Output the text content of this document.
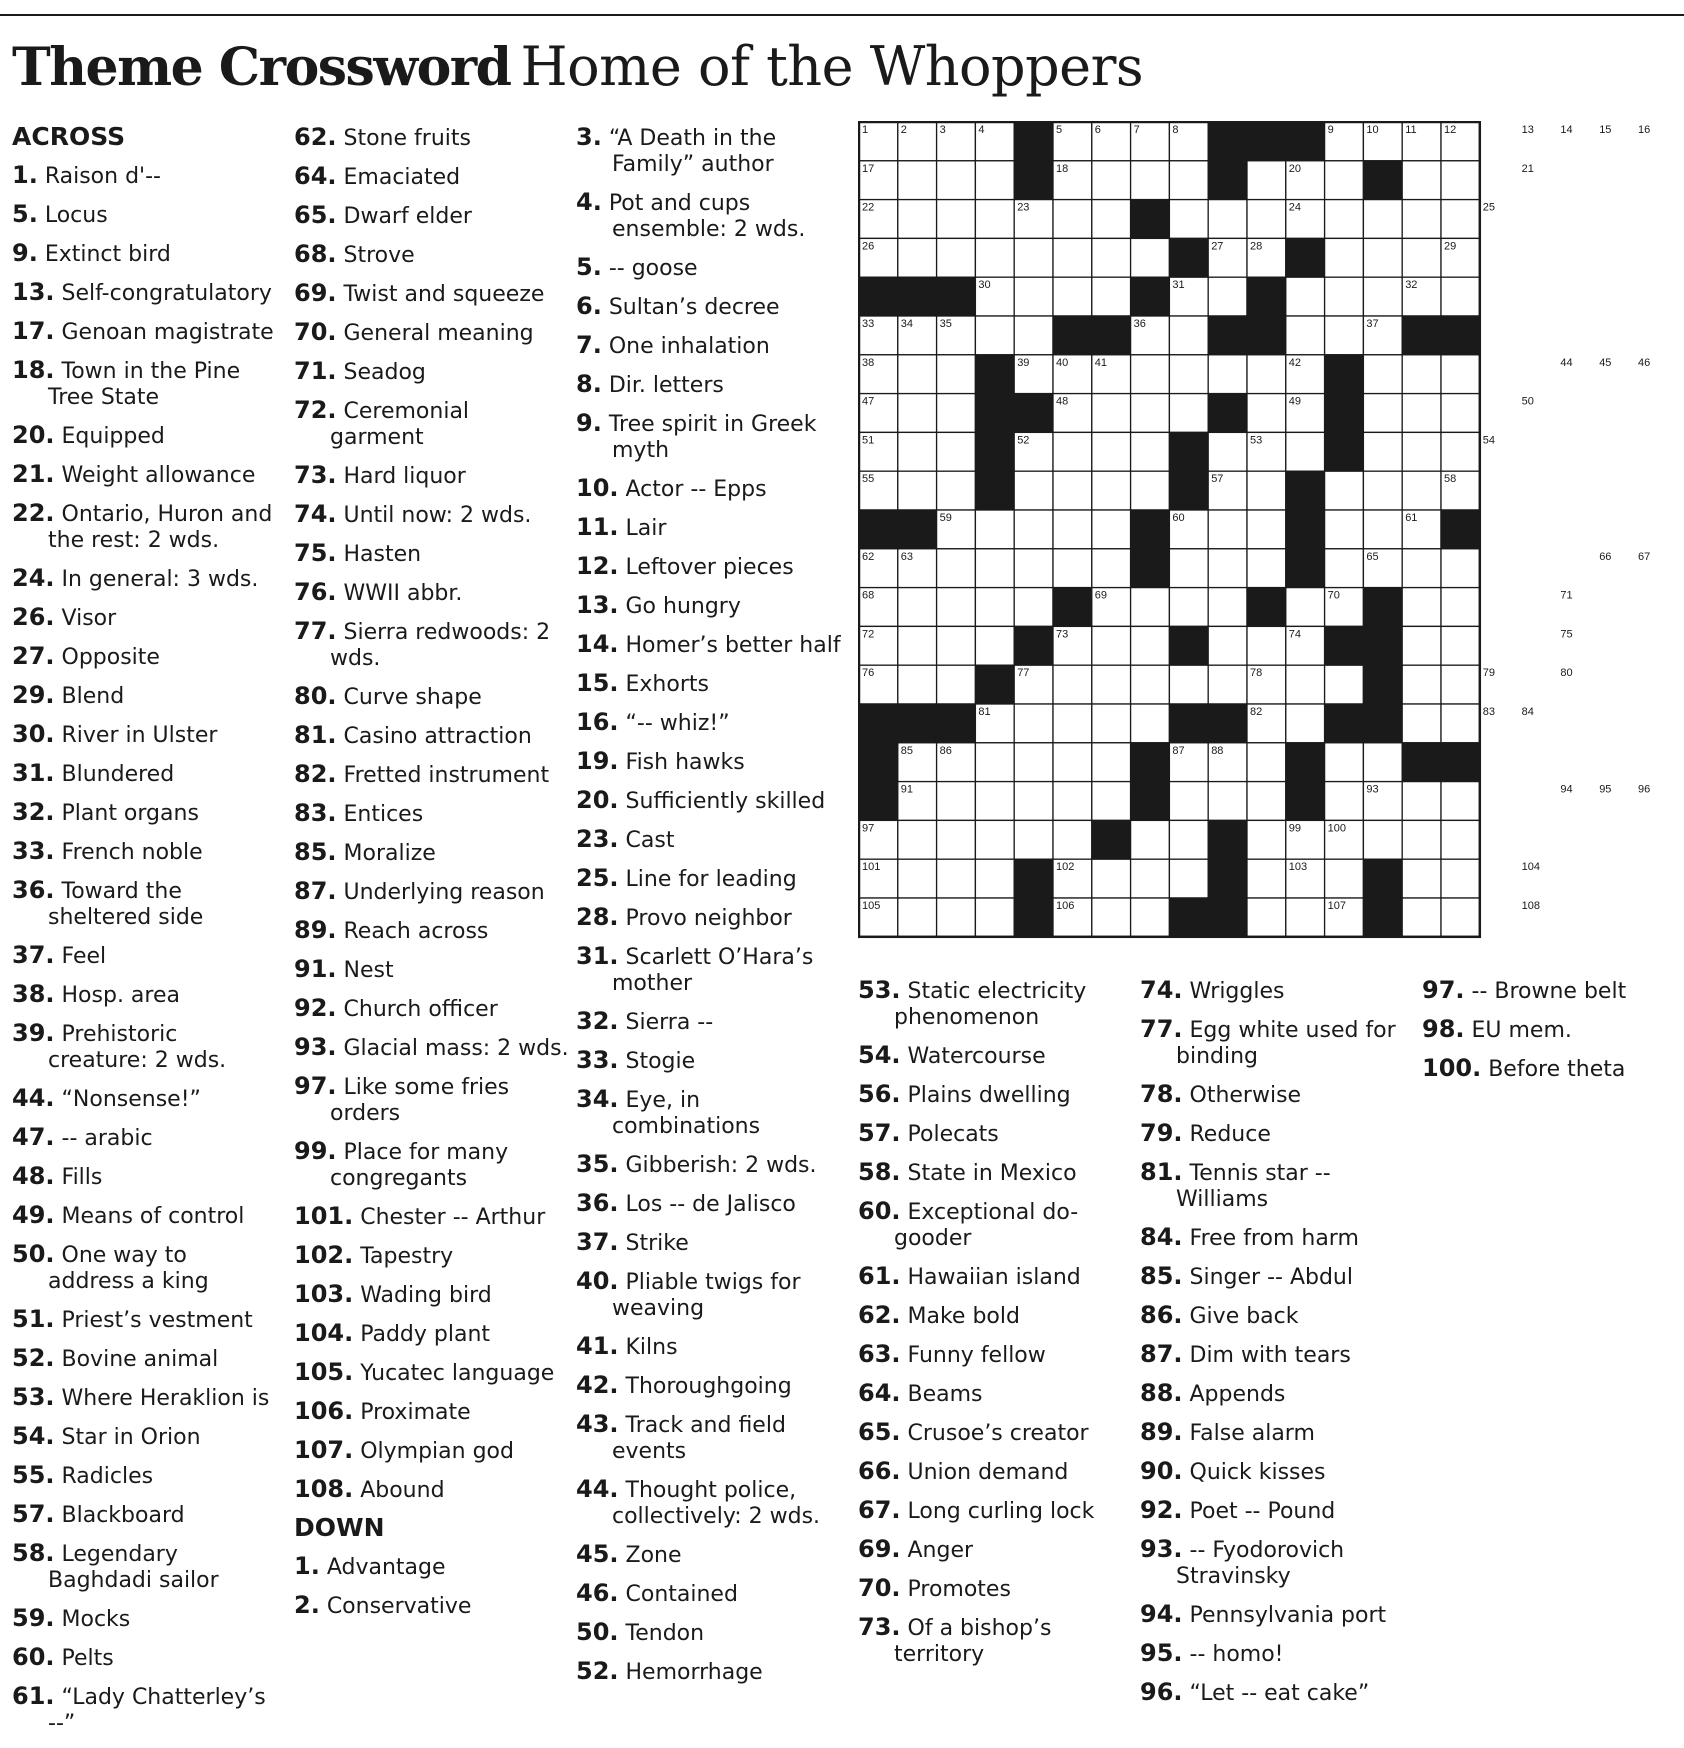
Theme Crossword Home of the Whoppers
ACROSS
1. Raison d'--
5. Locus
9. Extinct bird
13. Self-congratulatory
17. Genoan magistrate
18. Town in the Pine Tree State
20. Equipped
21. Weight allowance
22. Ontario, Huron and the rest: 2 wds.
24. In general: 3 wds.
26. Visor
27. Opposite
29. Blend
30. River in Ulster
31. Blundered
32. Plant organs
33. French noble
36. Toward the sheltered side
37. Feel
38. Hosp. area
39. Prehistoric creature: 2 wds.
44. “Nonsense!”
47. -- arabic
48. Fills
49. Means of control
50. One way to address a king
51. Priest’s vestment
52. Bovine animal
53. Where Heraklion is
54. Star in Orion
55. Radicles
57. Blackboard
58. Legendary Baghdadi sailor
59. Mocks
60. Pelts
61. “Lady Chatterley’s --”
62. Stone fruits
64. Emaciated
65. Dwarf elder
68. Strove
69. Twist and squeeze
70. General meaning
71. Seadog
72. Ceremonial garment
73. Hard liquor
74. Until now: 2 wds.
75. Hasten
76. WWII abbr.
77. Sierra redwoods: 2 wds.
80. Curve shape
81. Casino attraction
82. Fretted instrument
83. Entices
85. Moralize
87. Underlying reason
89. Reach across
91. Nest
92. Church officer
93. Glacial mass: 2 wds.
97. Like some fries orders
99. Place for many congregants
101. Chester -- Arthur
102. Tapestry
103. Wading bird
104. Paddy plant
105. Yucatec language
106. Proximate
107. Olympian god
108. Abound
DOWN
1. Advantage
2. Conservative
3. “A Death in the Family” author
4. Pot and cups ensemble: 2 wds.
5. -- goose
6. Sultan’s decree
7. One inhalation
8. Dir. letters
9. Tree spirit in Greek myth
10. Actor -- Epps
11. Lair
12. Leftover pieces
13. Go hungry
14. Homer’s better half
15. Exhorts
16. “-- whiz!”
19. Fish hawks
20. Sufficiently skilled
23. Cast
25. Line for leading
28. Provo neighbor
31. Scarlett O’Hara’s mother
32. Sierra --
33. Stogie
34. Eye, in combinations
35. Gibberish: 2 wds.
36. Los -- de Jalisco
37. Strike
40. Pliable twigs for weaving
41. Kilns
42. Thoroughgoing
43. Track and field events
44. Thought police, collectively: 2 wds.
45. Zone
46. Contained
50. Tendon
52. Hemorrhage
53. Static electricity phenomenon
54. Watercourse
56. Plains dwelling
57. Polecats
58. State in Mexico
60. Exceptional do-gooder
61. Hawaiian island
62. Make bold
63. Funny fellow
64. Beams
65. Crusoe’s creator
66. Union demand
67. Long curling lock
69. Anger
70. Promotes
73. Of a bishop’s territory
74. Wriggles
77. Egg white used for binding
78. Otherwise
79. Reduce
81. Tennis star -- Williams
84. Free from harm
85. Singer -- Abdul
86. Give back
87. Dim with tears
88. Appends
89. False alarm
90. Quick kisses
92. Poet -- Pound
93. -- Fyodorovich Stravinsky
94. Pennsylvania port
95. -- homo!
96. “Let -- eat cake”
97. -- Browne belt
98. EU mem.
100. Before theta
1	2	3	4	5	6	7	8	9	10 11 12	13 14 15 16
17	18	19	20	21
22	23	24	25
26	27 28	29
30	31	32
33 34 35	36	37
38	39 40 41	42 43	44 45 46
47	48	49	50
51	52	53	54
55	56	57	58
59	60	61
62 63	64	65	66 67
68	69	70	71
72	73	74	75
76	77	78	79	80
81	82	83 84
85 86	87 88	89 90
91	92	93	94 95 96
97	98	99 100
101	102	103	104
105	106	107	108
